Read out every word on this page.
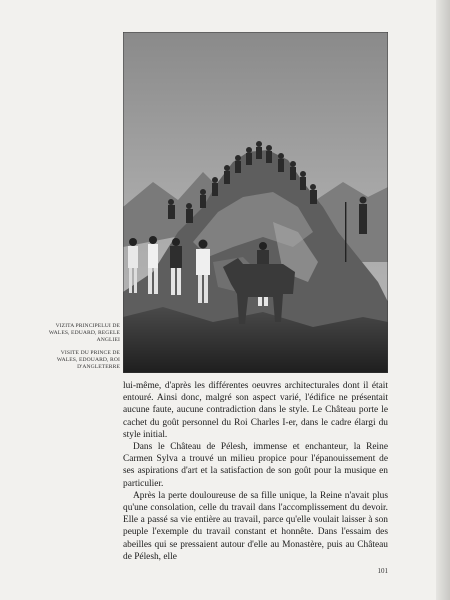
VIZITA PRINCIPELUI DE WALES, EDUARD, REGELE ANGLIEI

VISITE DU PRINCE DE WALES, EDOUARD, ROI D'ANGLETERRE

lui-même, d'après les différentes oeuvres architecturales dont il était entouré. Ainsi donc, malgré son aspect varié, l'édifice ne présentait aucune faute, aucune contradiction dans le style. Le Château porte le cachet du goût personnel du Roi Charles I-er, dans le cadre élargi du style initial.

Dans le Château de Pélesh, immense et enchanteur, la Reine Carmen Sylva a trouvé un milieu propice pour l'épanouissement de ses aspirations d'art et la satisfaction de son goût pour la musique en particulier.

Après la perte douloureuse de sa fille unique, la Reine n'avait plus qu'une consolation, celle du travail dans l'accomplissement du devoir. Elle a passé sa vie entière au travail, parce qu'elle voulait laisser à son peuple l'exemple du travail constant et honnête. Dans l'essaim des abeilles qui se pressaient autour d'elle au Monastère, puis au Château de Pélesh, elle

101
